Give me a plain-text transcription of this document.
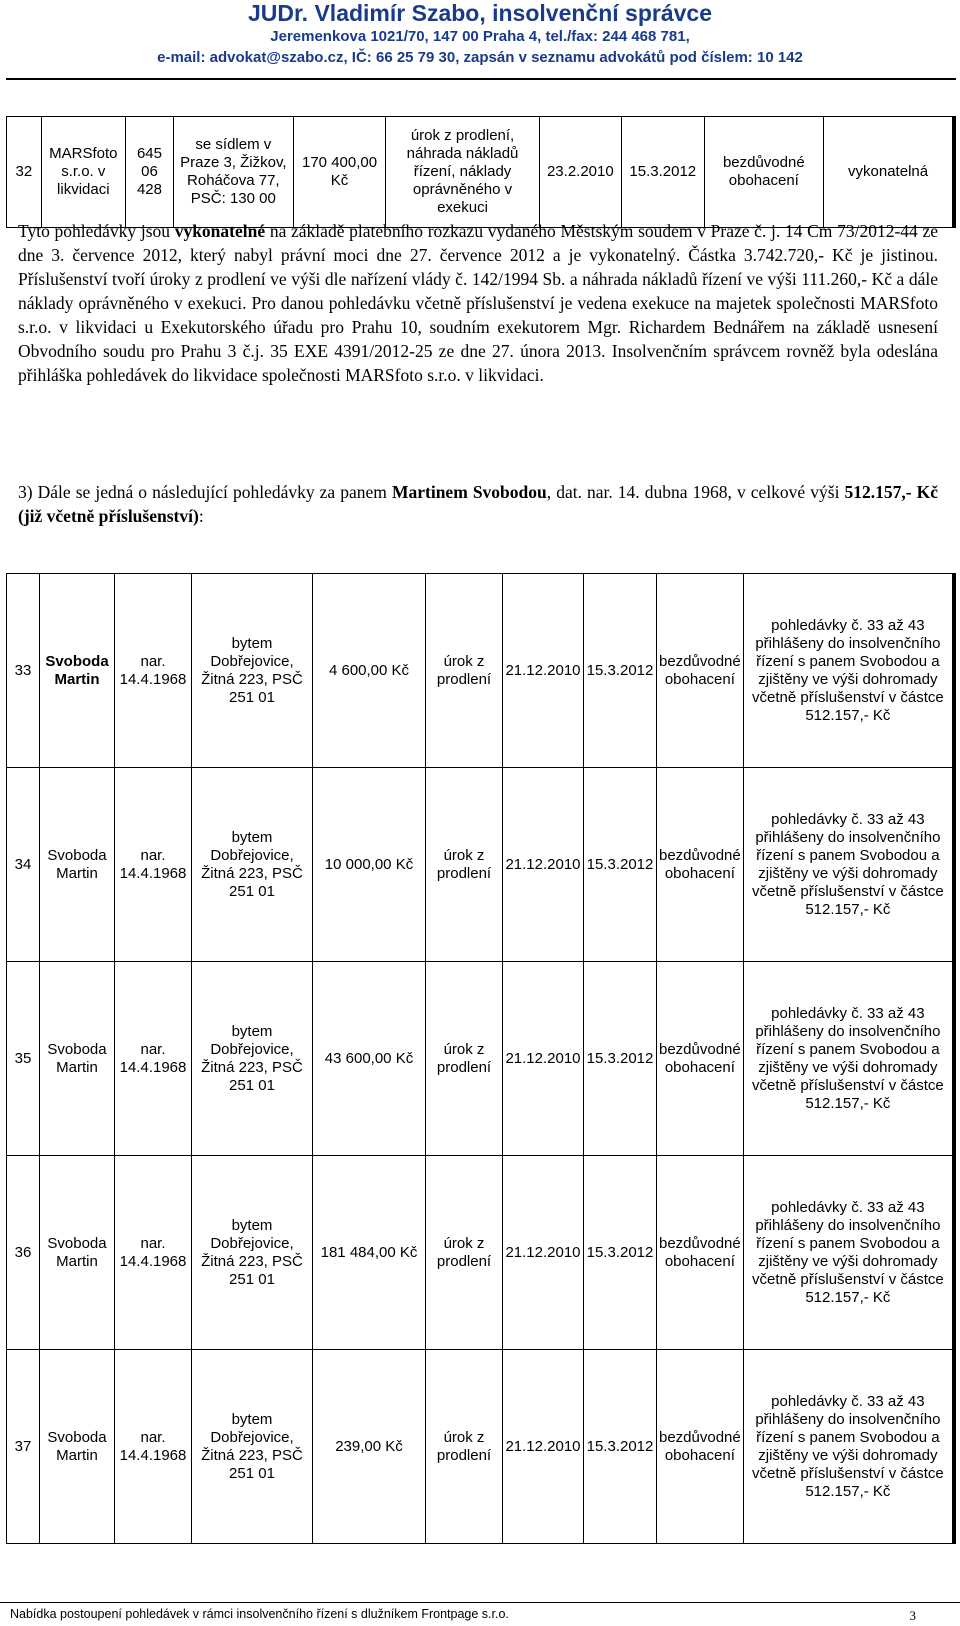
JUDr. Vladimír Szabo, insolvenční správce
Jeremenkova 1021/70, 147 00 Praha 4, tel./fax: 244 468 781,
e-mail: advokat@szabo.cz, IČ: 66 25 79 30, zapsán v seznamu advokátů pod číslem: 10 142
32	MARSfoto s.r.o. v likvidaci	645 06 428	se sídlem v Praze 3, Žižkov, Roháčova 77, PSČ: 130 00	170 400,00 Kč	úrok z prodlení, náhrada nákladů řízení, náklady oprávněného v exekuci	23.2.2010	15.3.2012	bezdůvodné obohacení	vykonatelná
Tyto pohledávky jsou vykonatelné na základě platebního rozkazu vydaného Městským soudem v Praze č. j. 14 Cm 73/2012-44 ze dne 3. července 2012, který nabyl právní moci dne 27. července 2012 a je vykonatelný. Částka 3.742.720,- Kč je jistinou. Příslušenství tvoří úroky z prodlení ve výši dle nařízení vlády č. 142/1994 Sb. a náhrada nákladů řízení ve výši 111.260,- Kč a dále náklady oprávněného v exekuci. Pro danou pohledávku včetně příslušenství je vedena exekuce na majetek společnosti MARSfoto s.r.o. v likvidaci u Exekutorského úřadu pro Prahu 10, soudním exekutorem Mgr. Richardem Bednářem na základě usnesení Obvodního soudu pro Prahu 3 č.j. 35 EXE 4391/2012-25 ze dne 27. února 2013. Insolvenčním správcem rovněž byla odeslána přihláška pohledávek do likvidace společnosti MARSfoto s.r.o. v likvidaci.
3) Dále se jedná o následující pohledávky za panem Martinem Svobodou, dat. nar. 14. dubna 1968, v celkové výši 512.157,- Kč (již včetně příslušenství):
33	Svoboda Martin	nar. 14.4.1968	bytem Dobřejovice, Žitná 223, PSČ 251 01	4 600,00 Kč	úrok z prodlení	21.12.2010	15.3.2012	bezdůvodné obohacení	pohledávky č. 33 až 43 přihlášeny do insolvenčního řízení s panem Svobodou a zjištěny ve výši dohromady včetně příslušenství v částce 512.157,- Kč
34	Svoboda Martin	nar. 14.4.1968	bytem Dobřejovice, Žitná 223, PSČ 251 01	10 000,00 Kč	úrok z prodlení	21.12.2010	15.3.2012	bezdůvodné obohacení	pohledávky č. 33 až 43 přihlášeny do insolvenčního řízení s panem Svobodou a zjištěny ve výši dohromady včetně příslušenství v částce 512.157,- Kč
35	Svoboda Martin	nar. 14.4.1968	bytem Dobřejovice, Žitná 223, PSČ 251 01	43 600,00 Kč	úrok z prodlení	21.12.2010	15.3.2012	bezdůvodné obohacení	pohledávky č. 33 až 43 přihlášeny do insolvenčního řízení s panem Svobodou a zjištěny ve výši dohromady včetně příslušenství v částce 512.157,- Kč
36	Svoboda Martin	nar. 14.4.1968	bytem Dobřejovice, Žitná 223, PSČ 251 01	181 484,00 Kč	úrok z prodlení	21.12.2010	15.3.2012	bezdůvodné obohacení	pohledávky č. 33 až 43 přihlášeny do insolvenčního řízení s panem Svobodou a zjištěny ve výši dohromady včetně příslušenství v částce 512.157,- Kč
37	Svoboda Martin	nar. 14.4.1968	bytem Dobřejovice, Žitná 223, PSČ 251 01	239,00 Kč	úrok z prodlení	21.12.2010	15.3.2012	bezdůvodné obohacení	pohledávky č. 33 až 43 přihlášeny do insolvenčního řízení s panem Svobodou a zjištěny ve výši dohromady včetně příslušenství v částce 512.157,- Kč
Nabídka postoupení pohledávek v rámci insolvenčního řízení s dlužníkem Frontpage s.r.o.	3
